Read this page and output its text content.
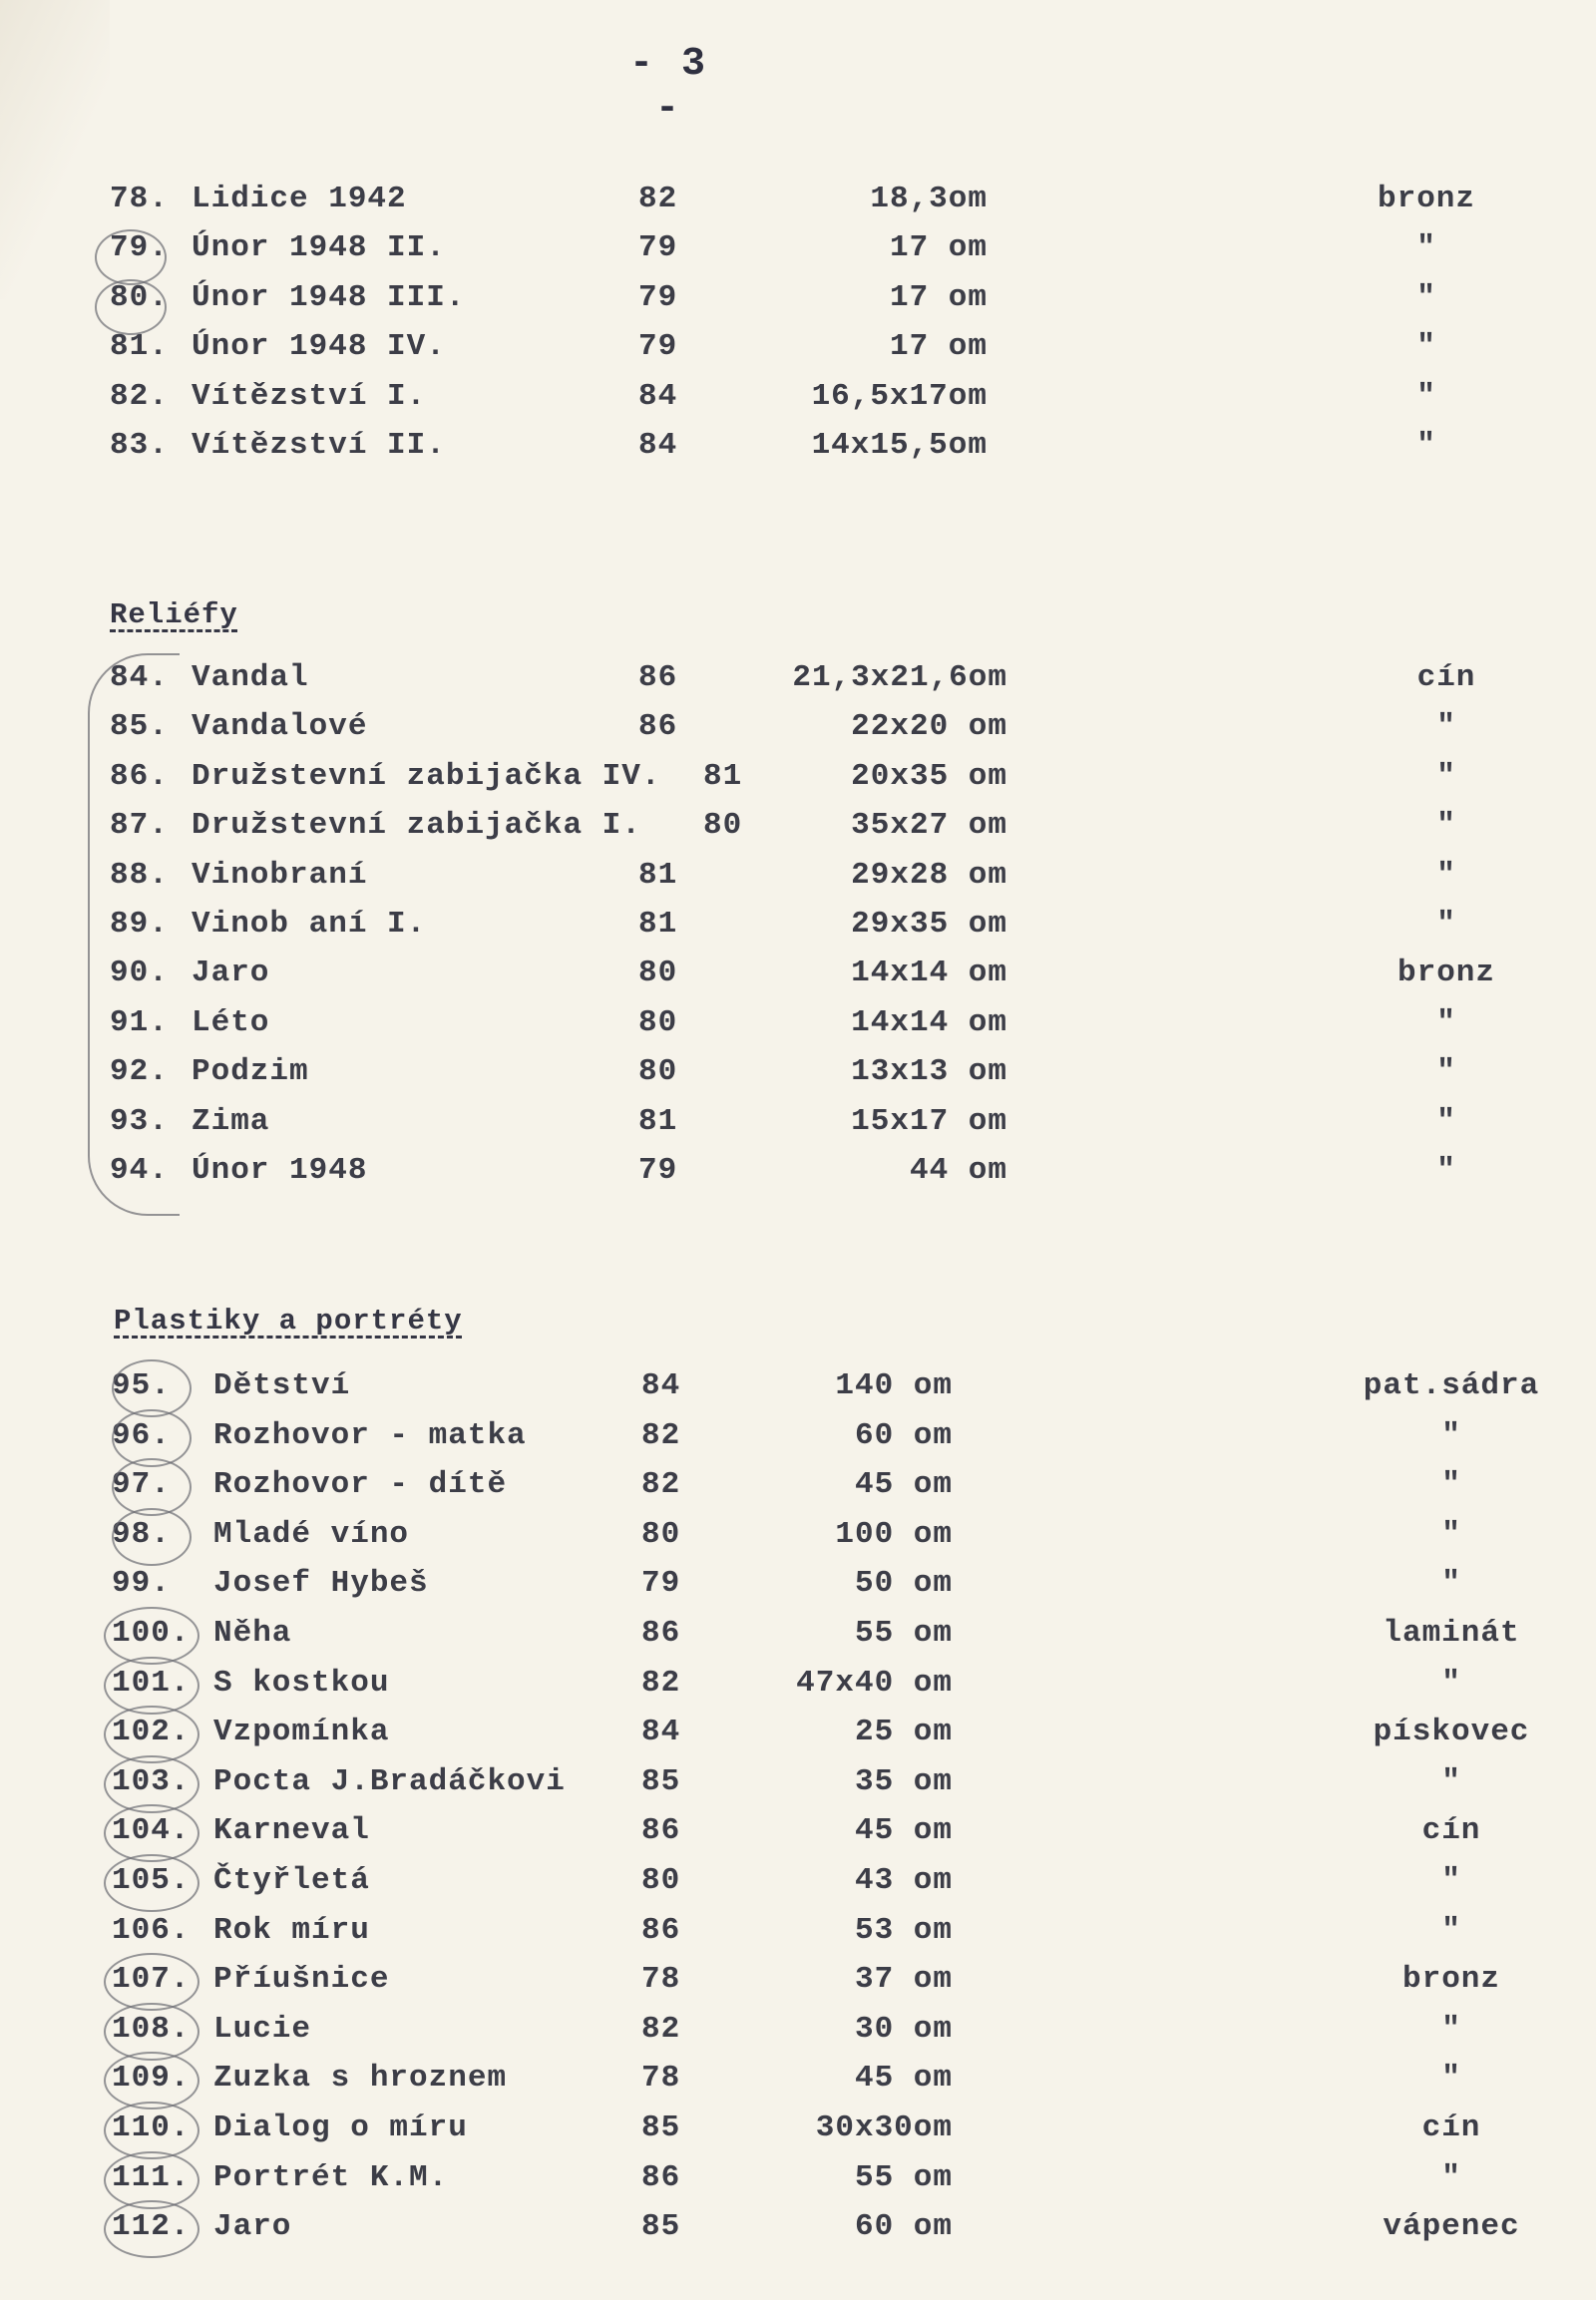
- 3 -
Reliéfy
Plastiky a portréty
78. Lidice 1942	82	18,3om	bronz
79. Únor 1948 II.	79	17 om	"
80. Únor 1948 III.	79	17 om	"
81. Únor 1948 IV.	79	17 om	"
82. Vítězství I.	84	16,5x17om	"
83. Vítězství II.	84	14x15,5om	"
84. Vandal	86	21,3x21,6om	cín
85. Vandalové	86	22x20 om	"
86. Družstevní zabijačka IV. 81	20x35 om	"
87. Družstevní zabijačka I. 80	35x27 om	"
88. Vinobraní	81	29x28 om	"
89. Vinob aní I.	81	29x35 om	"
90. Jaro	80	14x14 om	bronz
91. Léto	80	14x14 om	"
92. Podzim	80	13x13 om	"
93. Zima	81	15x17 om	"
94. Únor 1948	79	44 om	"
95. Dětství	84	140 om	pat.sádra
96. Rozhovor - matka	82	60 om	"
97. Rozhovor - dítě	82	45 om	"
98. Mladé víno	80	100 om	"
99. Josef Hybeš	79	50 om	"
100. Něha	86	55 om	laminát
101. S kostkou	82	47x40 om	"
102. Vzpomínka	84	25 om	pískovec
103. Pocta J.Bradáčkovi 85	35 om	"
104. Karneval	86	45 om	cín
105. Čtyřletá	80	43 om	"
106. Rok míru	86	53 om	"
107. Příušnice	78	37 om	bronz
108. Lucie	82	30 om	"
109. Zuzka s hroznem	78	45 om	"
110. Dialog o míru	85	30x30om	cín
111. Portrét K.M.	86	55 om	"
112. Jaro	85	60 om	vápenec
